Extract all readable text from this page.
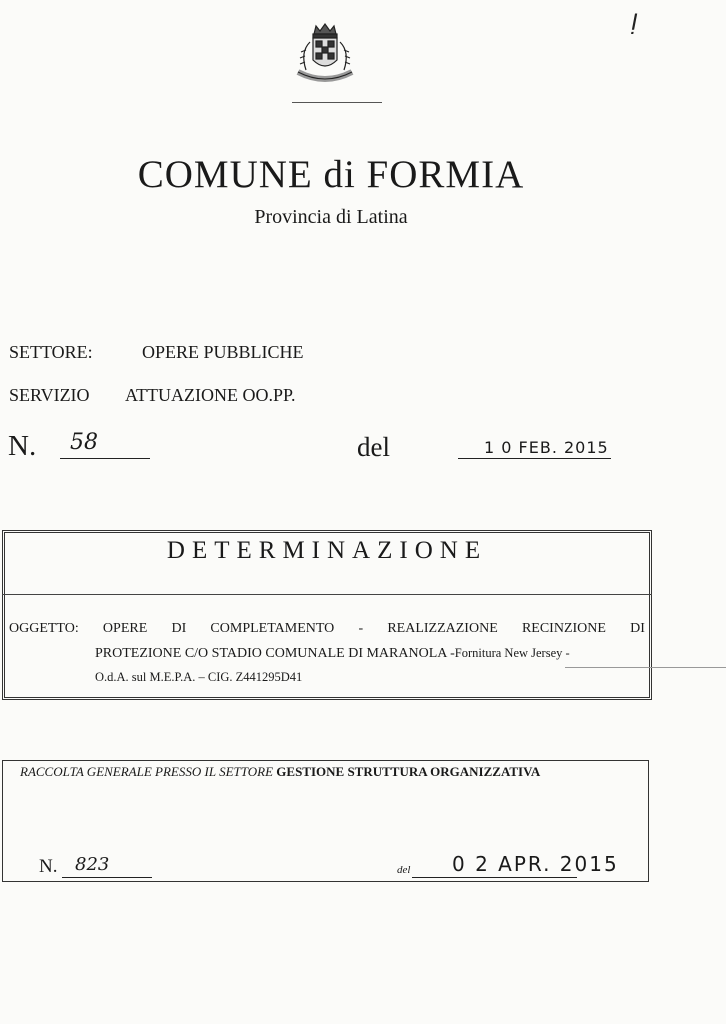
ǃ
COMUNE di FORMIA
Provincia di Latina
SETTORE:	OPERE PUBBLICHE
SERVIZIO ATTUAZIONE OO.PP.
N. 58	del	1 0 FEB. 2015
DETERMINAZIONE
OGGETTO: OPERE DI COMPLETAMENTO - REALIZZAZIONE RECINZIONE DI
PROTEZIONE C/O STADIO COMUNALE DI MARANOLA -Fornitura New Jersey -
O.d.A. sul M.E.P.A. – CIG. Z441295D41
RACCOLTA GENERALE PRESSO IL SETTORE GESTIONE STRUTTURA ORGANIZZATIVA
N. 823	del 0 2 APR. 2015
